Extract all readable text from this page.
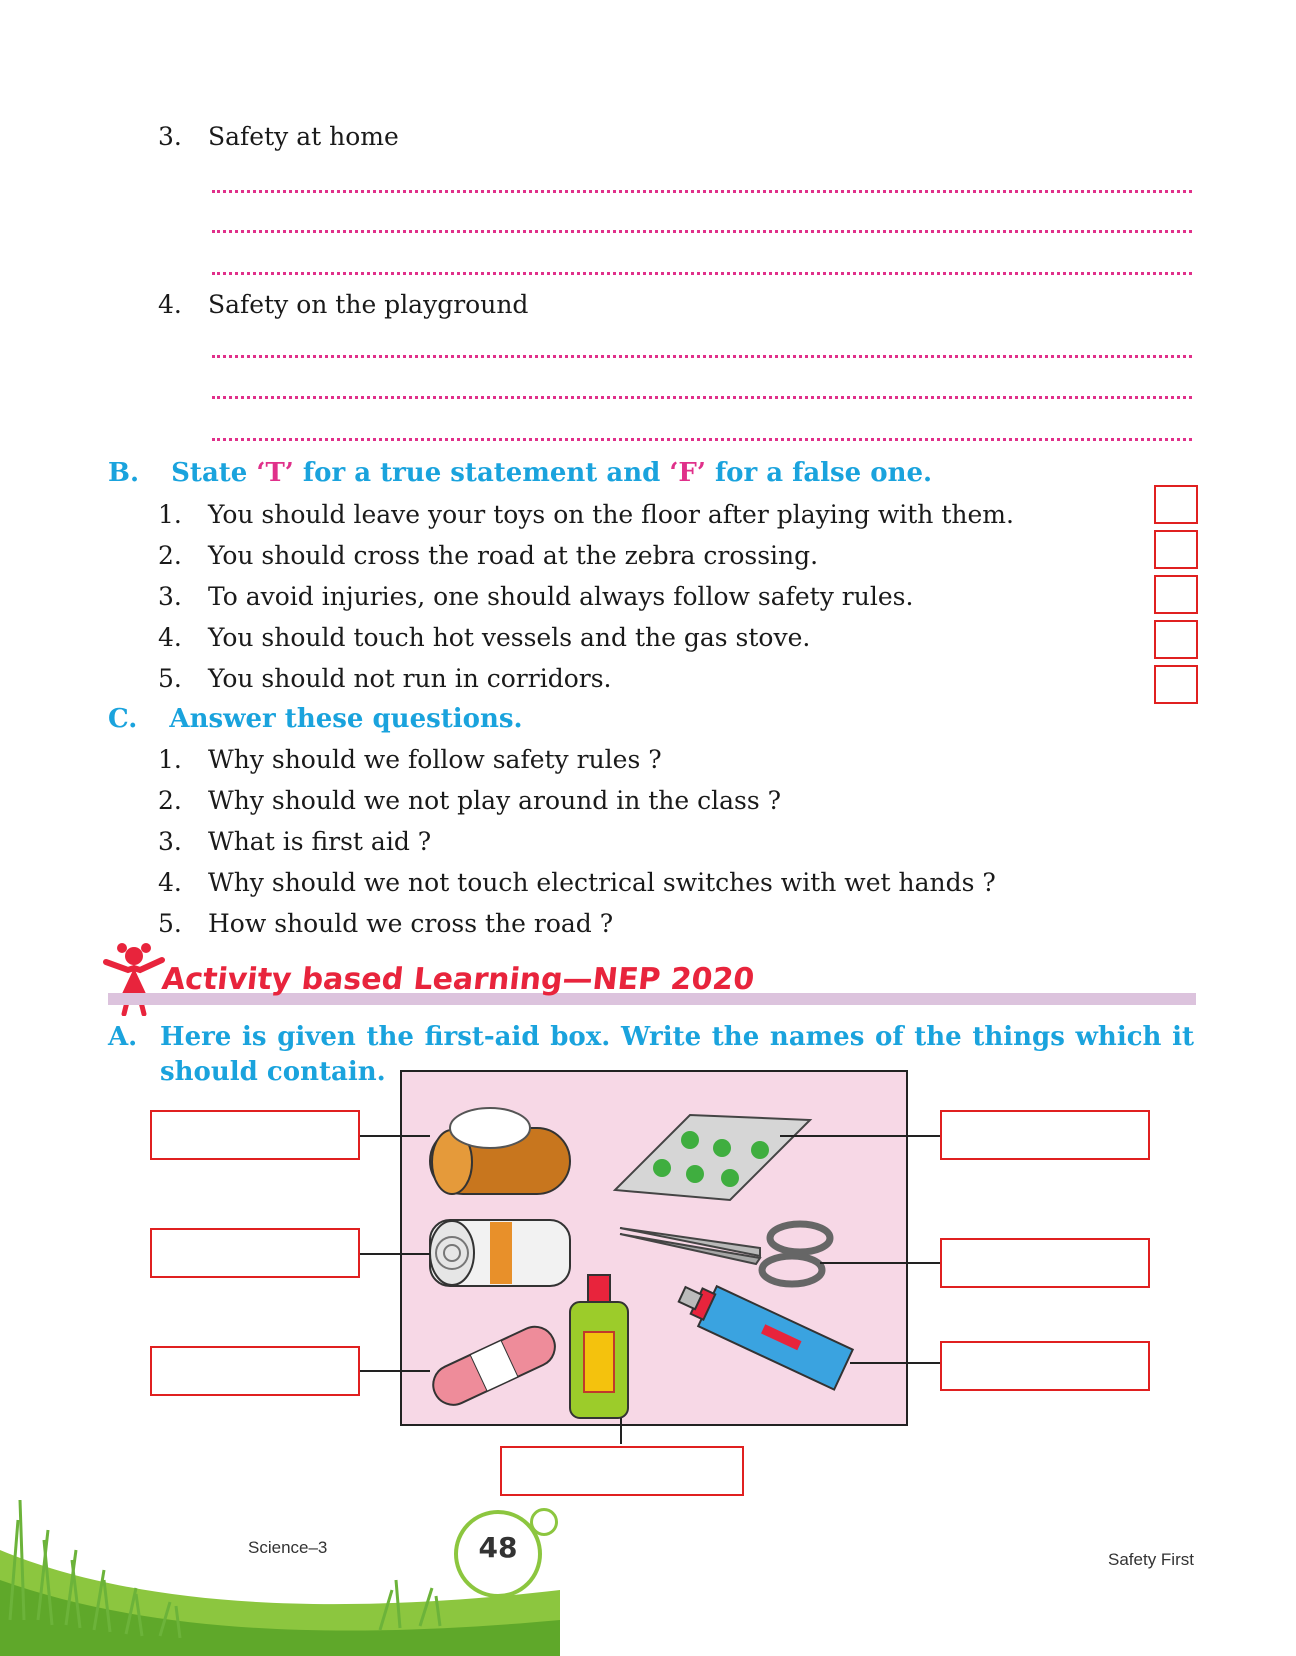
3. Safety at home
4. Safety on the playground
B. State ‘T’ for a true statement and ‘F’ for a false one.
1. You should leave your toys on the floor after playing with them.
2. You should cross the road at the zebra crossing.
3. To avoid injuries, one should always follow safety rules.
4. You should touch hot vessels and the gas stove.
5. You should not run in corridors.
C. Answer these questions.
1. Why should we follow safety rules ?
2. Why should we not play around in the class ?
3. What is first aid ?
4. Why should we not touch electrical switches with wet hands ?
5. How should we cross the road ?
Activity based Learning—NEP 2020
A. Here is given the first-aid box. Write the names of the things which it
should contain.
Science–3	48	Safety First
